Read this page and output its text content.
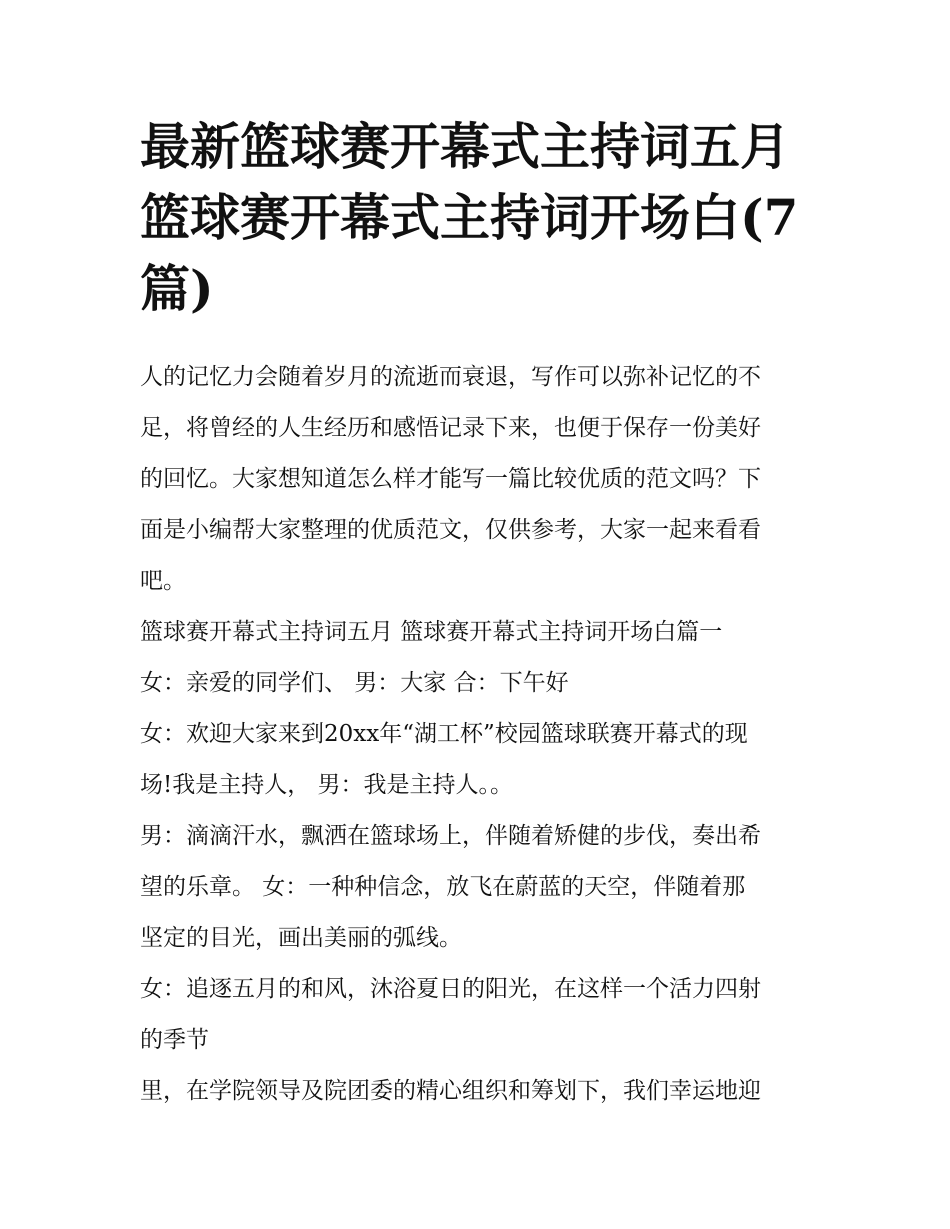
最新篮球赛开幕式主持词五月
篮球赛开幕式主持词开场白(7
篇)
人的记忆力会随着岁月的流逝而衰退，写作可以弥补记忆的不
足，将曾经的人生经历和感悟记录下来，也便于保存一份美好
的回忆。大家想知道怎么样才能写一篇比较优质的范文吗？下
面是小编帮大家整理的优质范文，仅供参考，大家一起来看看
吧。
篮球赛开幕式主持词五月 篮球赛开幕式主持词开场白篇一
女：亲爱的同学们、 男：大家 合：下午好
女：欢迎大家来到20xx年“湖工杯”校园篮球联赛开幕式的现
场!我是主持人， 男：我是主持人。。
男：滴滴汗水，飘洒在篮球场上，伴随着矫健的步伐，奏出希
望的乐章。 女：一种种信念，放飞在蔚蓝的天空，伴随着那
坚定的目光，画出美丽的弧线。
女：追逐五月的和风，沐浴夏日的阳光，在这样一个活力四射
的季节
里，在学院领导及院团委的精心组织和筹划下，我们幸运地迎
